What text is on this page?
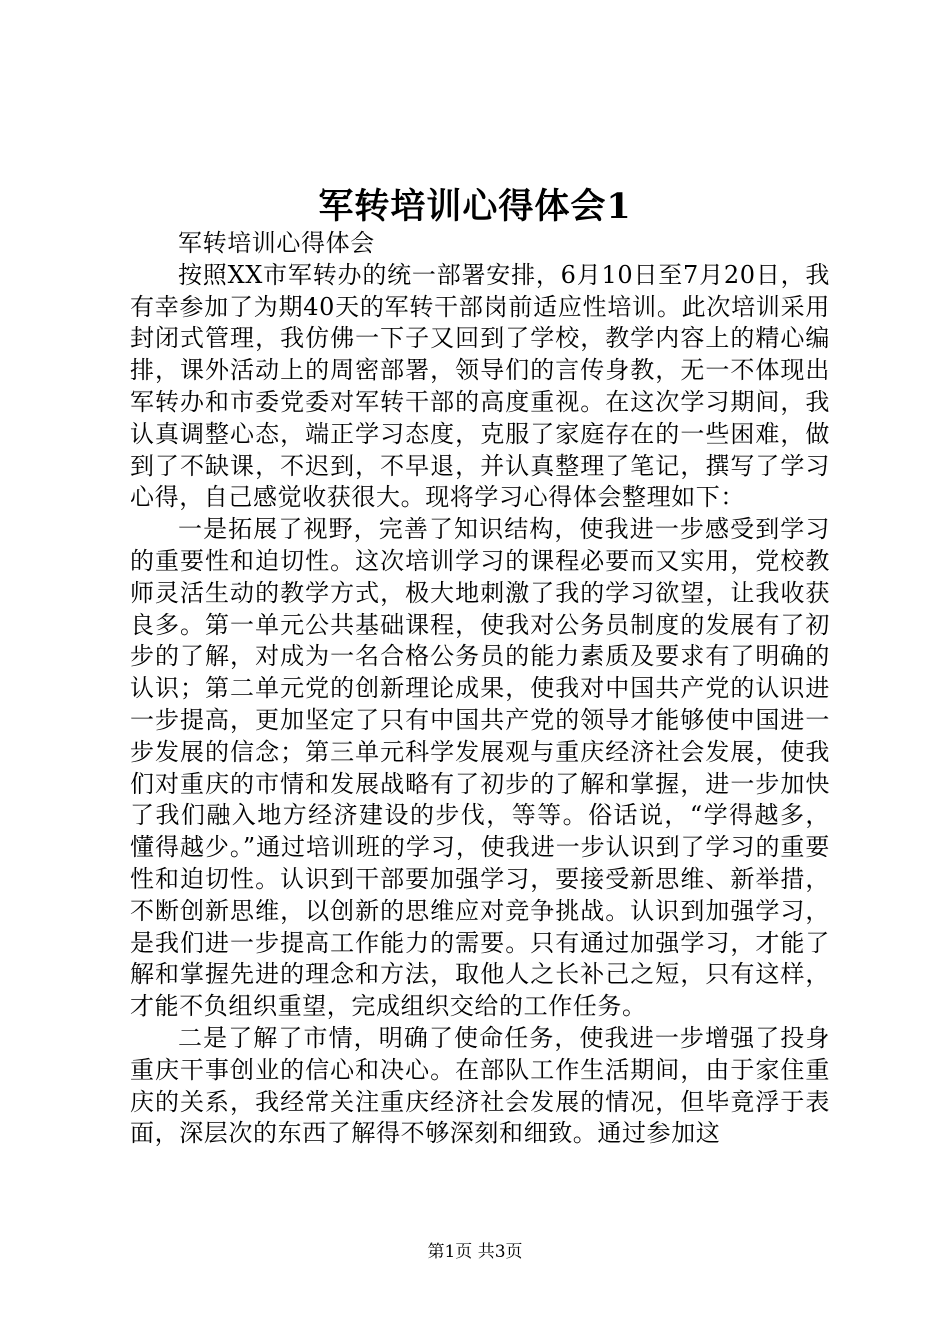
军转培训心得体会1

军转培训心得体会

按照XX市军转办的统一部署安排，6月10日至7月20日，我有幸参加了为期40天的军转干部岗前适应性培训。此次培训采用封闭式管理，我仿佛一下子又回到了学校，教学内容上的精心编排，课外活动上的周密部署，领导们的言传身教，无一不体现出军转办和市委党委对军转干部的高度重视。在这次学习期间，我认真调整心态，端正学习态度，克服了家庭存在的一些困难，做到了不缺课，不迟到，不早退，并认真整理了笔记，撰写了学习心得，自己感觉收获很大。现将学习心得体会整理如下：

一是拓展了视野，完善了知识结构，使我进一步感受到学习的重要性和迫切性。这次培训学习的课程必要而又实用，党校教师灵活生动的教学方式，极大地刺激了我的学习欲望，让我收获良多。第一单元公共基础课程，使我对公务员制度的发展有了初步的了解，对成为一名合格公务员的能力素质及要求有了明确的认识；第二单元党的创新理论成果，使我对中国共产党的认识进一步提高，更加坚定了只有中国共产党的领导才能够使中国进一步发展的信念；第三单元科学发展观与重庆经济社会发展，使我们对重庆的市情和发展战略有了初步的了解和掌握，进一步加快了我们融入地方经济建设的步伐，等等。俗话说，“学得越多，懂得越少。”通过培训班的学习，使我进一步认识到了学习的重要性和迫切性。认识到干部要加强学习，要接受新思维、新举措，不断创新思维，以创新的思维应对竞争挑战。认识到加强学习，是我们进一步提高工作能力的需要。只有通过加强学习，才能了解和掌握先进的理念和方法，取他人之长补己之短，只有这样，才能不负组织重望，完成组织交给的工作任务。

二是了解了市情，明确了使命任务，使我进一步增强了投身重庆干事创业的信心和决心。在部队工作生活期间，由于家住重庆的关系，我经常关注重庆经济社会发展的情况，但毕竟浮于表面，深层次的东西了解得不够深刻和细致。通过参加这

第1页 共3页
